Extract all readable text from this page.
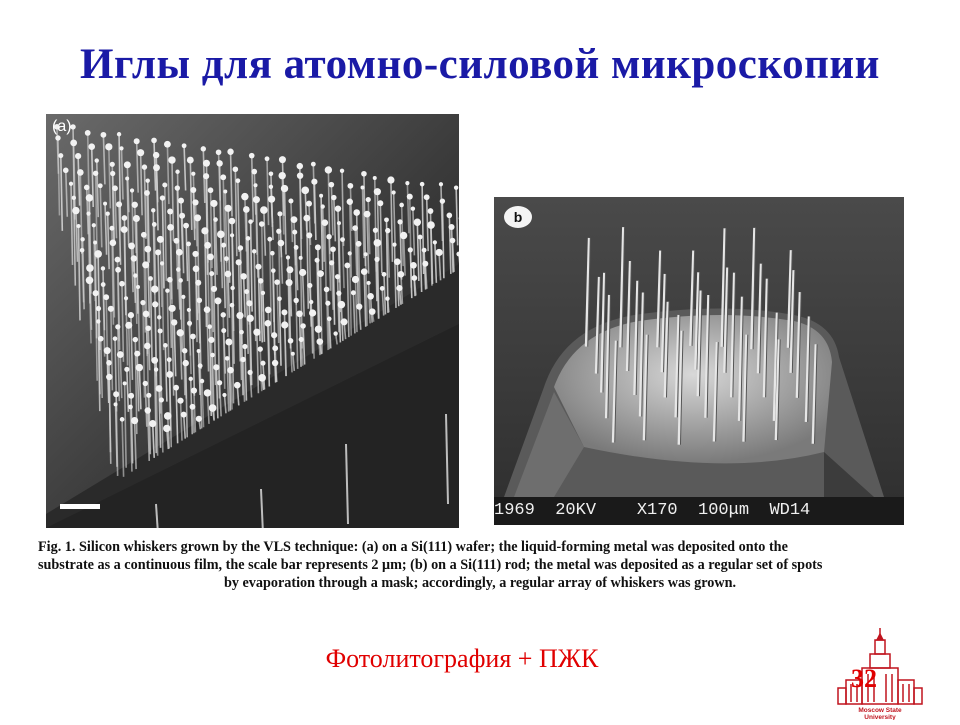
Иглы для атомно-силовой микроскопии
(a)
b
1969  20KV    X170  100μm  WD14
Fig. 1. Silicon whiskers grown by the VLS technique: (a) on a Si(111) wafer; the liquid-forming metal was deposited onto the
substrate as a continuous film, the scale bar represents 2 μm; (b) on a Si(111) rod; the metal was deposited as a regular set of spots
by evaporation through a mask; accordingly, a regular array of whiskers was grown.
Фотолитография + ПЖК
Moscow State
University
32
